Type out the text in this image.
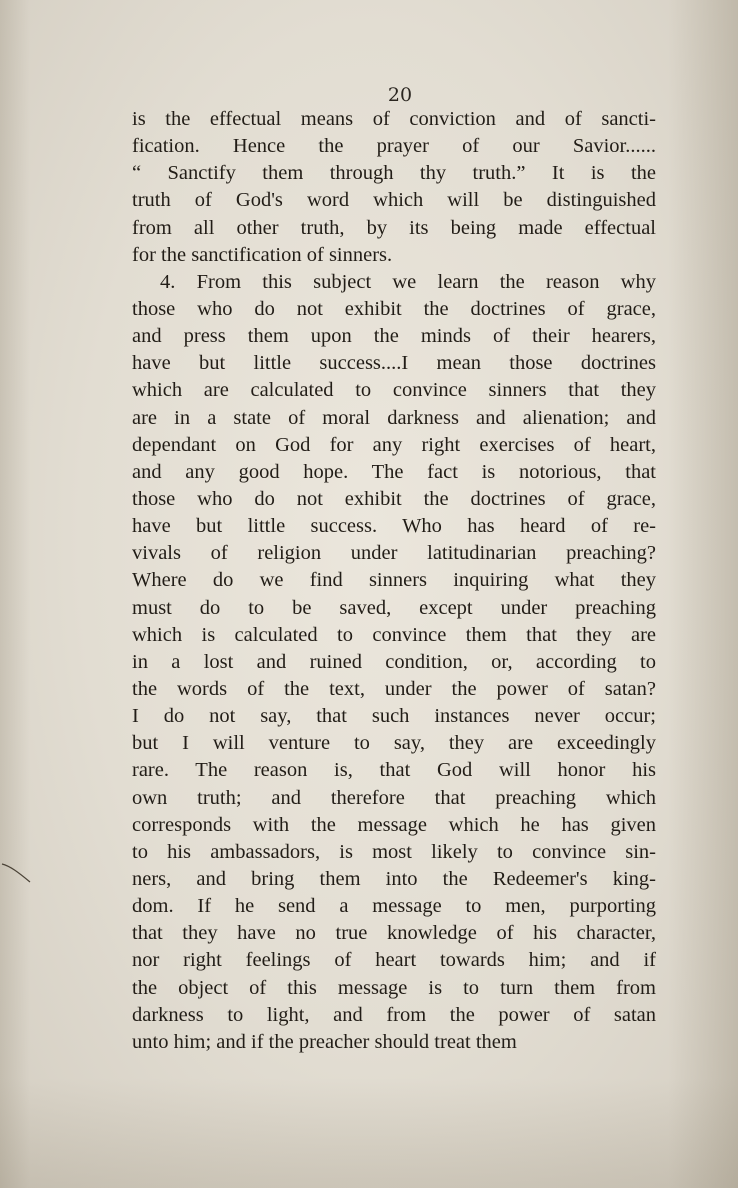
20
is the effectual means of conviction and of sancti-
fication. Hence the prayer of our Savior......
“ Sanctify them through thy truth.” It is the
truth of God's word which will be distinguished
from all other truth, by its being made effectual
for the sanctification of sinners.
4. From this subject we learn the reason why
those who do not exhibit the doctrines of grace,
and press them upon the minds of their hearers,
have but little success....I mean those doctrines
which are calculated to convince sinners that they
are in a state of moral darkness and alienation; and
dependant on God for any right exercises of heart,
and any good hope. The fact is notorious, that
those who do not exhibit the doctrines of grace,
have but little success. Who has heard of re-
vivals of religion under latitudinarian preaching?
Where do we find sinners inquiring what they
must do to be saved, except under preaching
which is calculated to convince them that they are
in a lost and ruined condition, or, according to
the words of the text, under the power of satan?
I do not say, that such instances never occur;
but I will venture to say, they are exceedingly
rare. The reason is, that God will honor his
own truth; and therefore that preaching which
corresponds with the message which he has given
to his ambassadors, is most likely to convince sin-
ners, and bring them into the Redeemer's king-
dom. If he send a message to men, purporting
that they have no true knowledge of his character,
nor right feelings of heart towards him; and if
the object of this message is to turn them from
darkness to light, and from the power of satan
unto him; and if the preacher should treat them
